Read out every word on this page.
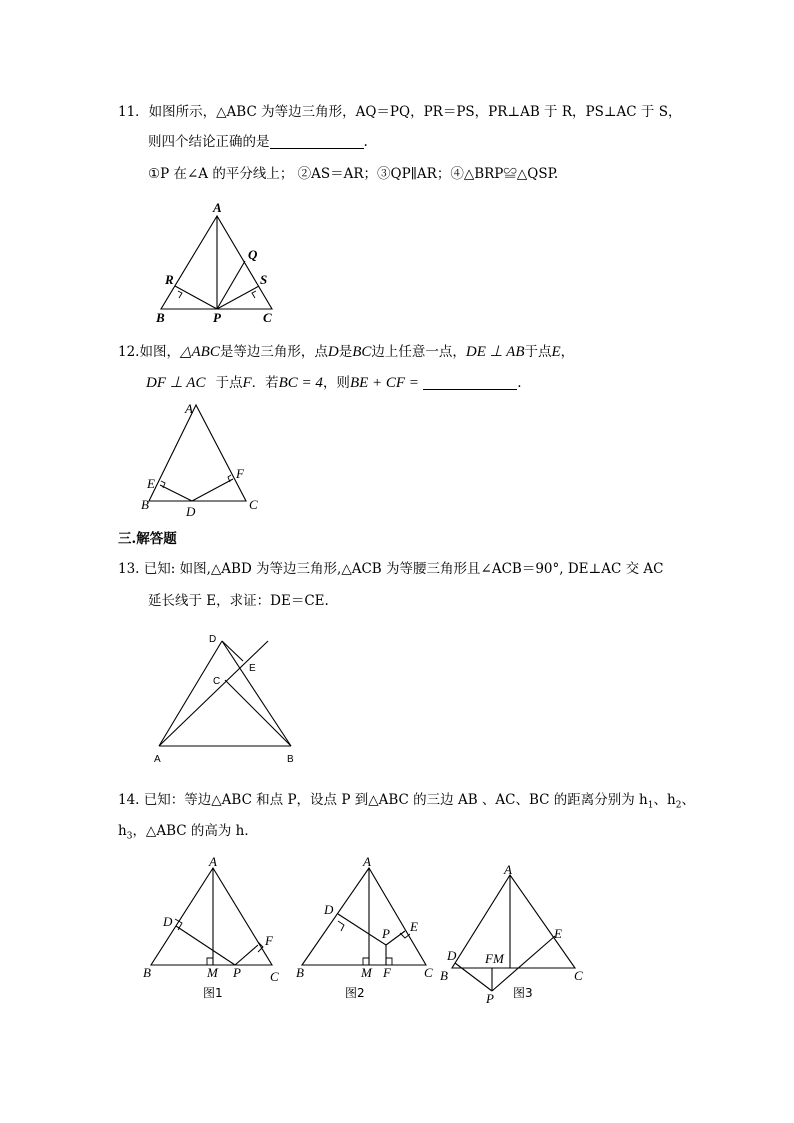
11．如图所示，△ABC 为等边三角形，AQ＝PQ，PR＝PS，PR⊥AB 于 R，PS⊥AC 于 S，
则四个结论正确的是	.
①P 在∠A 的平分线上； ②AS＝AR；③QP∥AR；④△BRP≌△QSP.
A
B	C
P
Q
R	S
12.如图，△ABC是等边三角形，点D是BC边上任意一点，DE ⊥ AB于点E，
DF ⊥ AC 于点F．若BC = 4，则BE + CF =	.
A
B	C
D
E
F
三.解答题
13. 已知: 如图,△ABD 为等边三角形,△ACB 为等腰三角形且∠ACB＝90°, DE⊥AC 交 AC
延长线于 E，求证：DE＝CE.
D
E
C
A	B
14. 已知：等边△ABC 和点 P，设点 P 到△ABC 的三边 AB 、AC、BC 的距离分别为 $h_1$、$h_2$、
$h_3$，△ABC 的高为 h．
A
B	C
D
F
M P
图1
A
B	C
D
E
M F
P
图2
A
B	C
D
E
FM
P 图3
